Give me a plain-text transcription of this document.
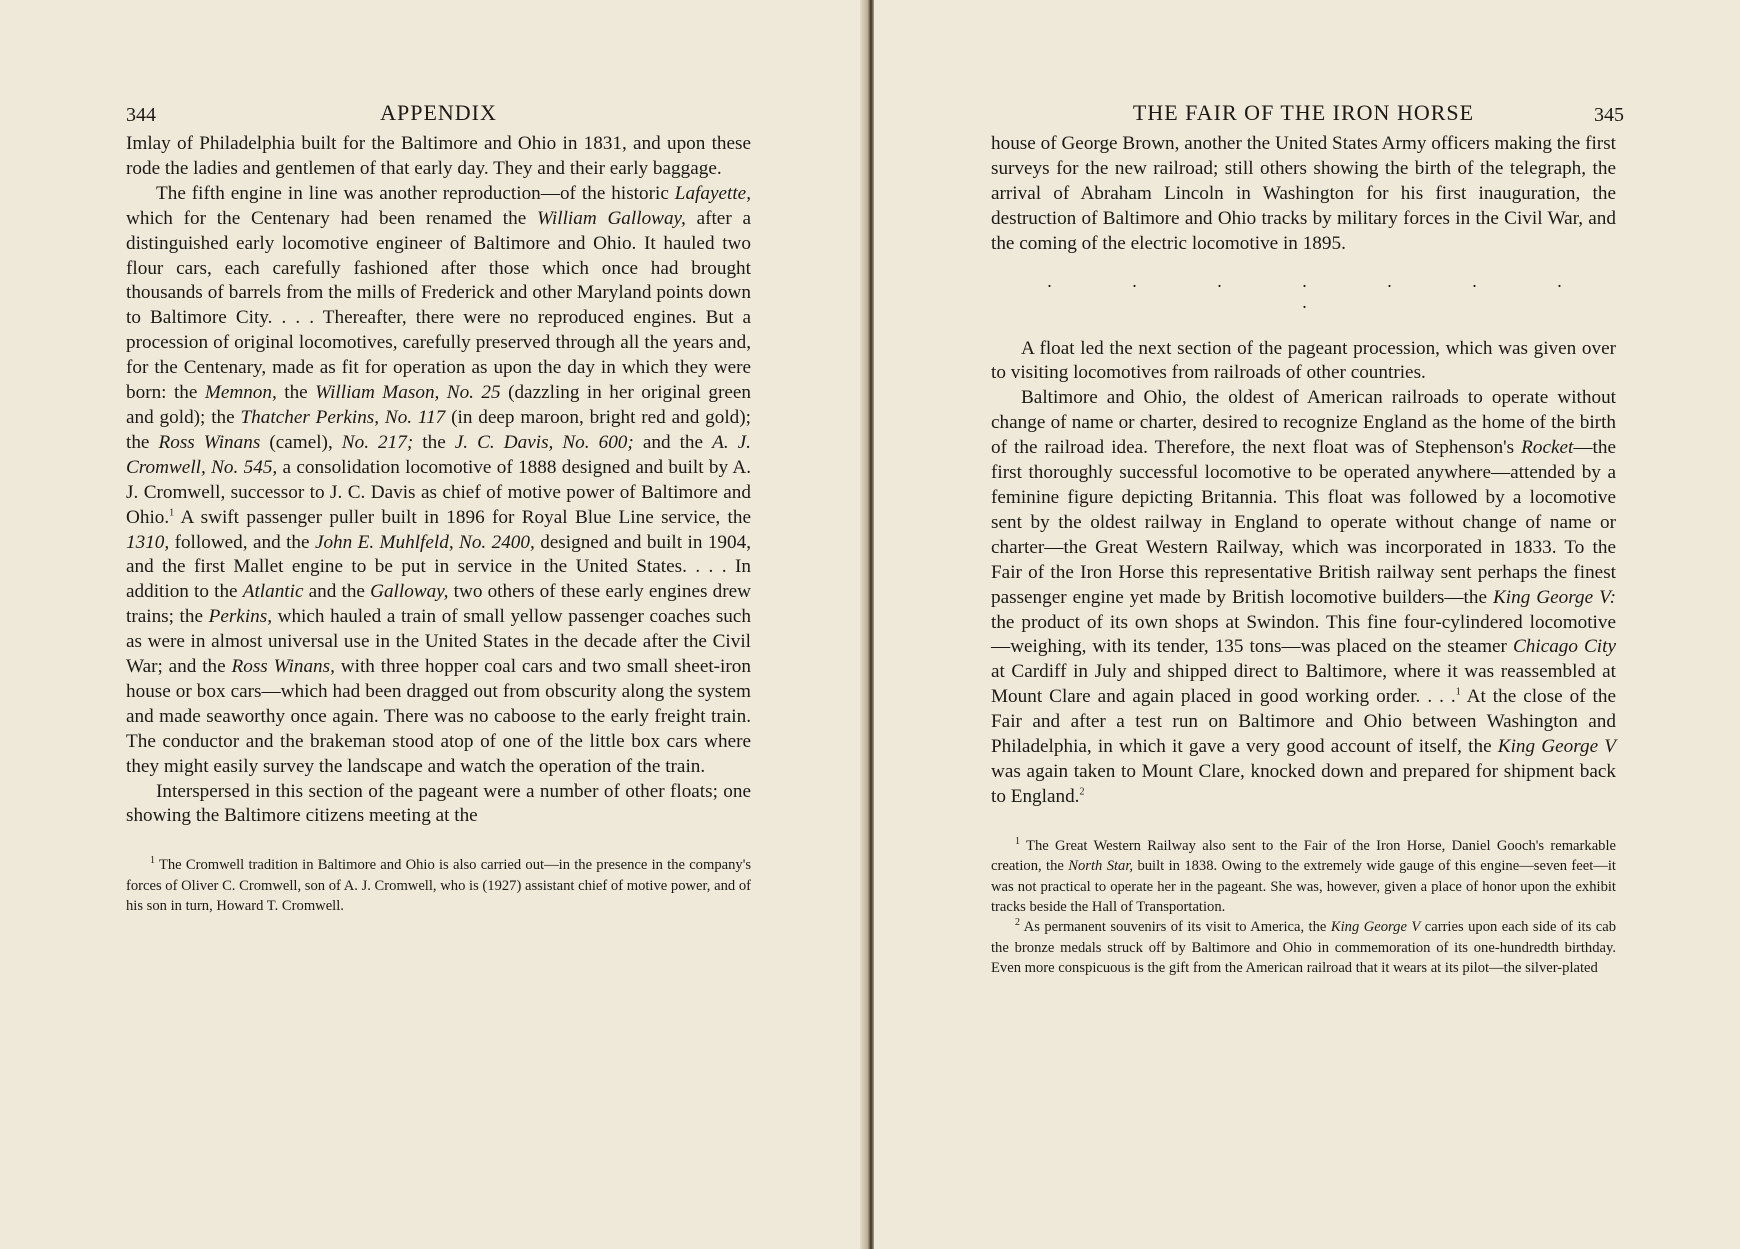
344	APPENDIX

Imlay of Philadelphia built for the Baltimore and Ohio in 1831, and upon these rode the ladies and gentlemen of that early day. They and their early baggage.

The fifth engine in line was another reproduction—of the historic Lafayette, which for the Centenary had been renamed the William Galloway, after a distinguished early locomotive engineer of Baltimore and Ohio. It hauled two flour cars, each carefully fashioned after those which once had brought thousands of barrels from the mills of Frederick and other Maryland points down to Baltimore City. . . . Thereafter, there were no reproduced engines. But a procession of original locomotives, carefully preserved through all the years and, for the Centenary, made as fit for operation as upon the day in which they were born: the Memnon, the William Mason, No. 25 (dazzling in her original green and gold); the Thatcher Perkins, No. 117 (in deep maroon, bright red and gold); the Ross Winans (camel), No. 217; the J. C. Davis, No. 600; and the A. J. Cromwell, No. 545, a consolidation locomotive of 1888 designed and built by A. J. Cromwell, successor to J. C. Davis as chief of motive power of Baltimore and Ohio.$^1$ A swift passenger puller built in 1896 for Royal Blue Line service, the 1310, followed, and the John E. Muhlfeld, No. 2400, designed and built in 1904, and the first Mallet engine to be put in service in the United States. . . . In addition to the Atlantic and the Galloway, two others of these early engines drew trains; the Perkins, which hauled a train of small yellow passenger coaches such as were in almost universal use in the United States in the decade after the Civil War; and the Ross Winans, with three hopper coal cars and two small sheet-iron house or box cars—which had been dragged out from obscurity along the system and made seaworthy once again. There was no caboose to the early freight train. The conductor and the brakeman stood atop of one of the little box cars where they might easily survey the landscape and watch the operation of the train.

Interspersed in this section of the pageant were a number of other floats; one showing the Baltimore citizens meeting at the

$^1$ The Cromwell tradition in Baltimore and Ohio is also carried out—in the presence in the company's forces of Oliver C. Cromwell, son of A. J. Cromwell, who is (1927) assistant chief of motive power, and of his son in turn, Howard T. Cromwell.

THE FAIR OF THE IRON HORSE	345

house of George Brown, another the United States Army officers making the first surveys for the new railroad; still others showing the birth of the telegraph, the arrival of Abraham Lincoln in Washington for his first inauguration, the destruction of Baltimore and Ohio tracks by military forces in the Civil War, and the coming of the electric locomotive in 1895.

. . . . . . . .

A float led the next section of the pageant procession, which was given over to visiting locomotives from railroads of other countries.

Baltimore and Ohio, the oldest of American railroads to operate without change of name or charter, desired to recognize England as the home of the birth of the railroad idea. Therefore, the next float was of Stephenson's Rocket—the first thoroughly successful locomotive to be operated anywhere—attended by a feminine figure depicting Britannia. This float was followed by a locomotive sent by the oldest railway in England to operate without change of name or charter—the Great Western Railway, which was incorporated in 1833. To the Fair of the Iron Horse this representative British railway sent perhaps the finest passenger engine yet made by British locomotive builders—the King George V: the product of its own shops at Swindon. This fine four-cylindered locomotive —weighing, with its tender, 135 tons—was placed on the steamer Chicago City at Cardiff in July and shipped direct to Baltimore, where it was reassembled at Mount Clare and again placed in good working order. . . .$^1$ At the close of the Fair and after a test run on Baltimore and Ohio between Washington and Philadelphia, in which it gave a very good account of itself, the King George V was again taken to Mount Clare, knocked down and prepared for shipment back to England.$^2$

$^1$ The Great Western Railway also sent to the Fair of the Iron Horse, Daniel Gooch's remarkable creation, the North Star, built in 1838. Owing to the extremely wide gauge of this engine—seven feet—it was not practical to operate her in the pageant. She was, however, given a place of honor upon the exhibit tracks beside the Hall of Transportation.

$^2$ As permanent souvenirs of its visit to America, the King George V carries upon each side of its cab the bronze medals struck off by Baltimore and Ohio in commemoration of its one-hundredth birthday. Even more conspicuous is the gift from the American railroad that it wears at its pilot—the silver-plated
